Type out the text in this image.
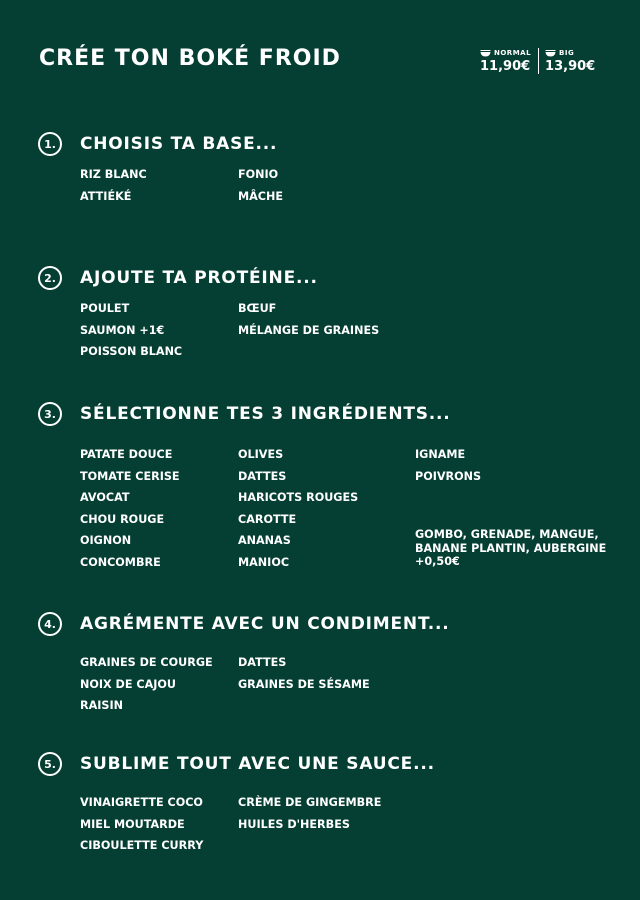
CRÉE TON BOKÉ FROID	NORMAL
11,90€
BIG
13,90€
1.	CHOISIS TA BASE...
RIZ BLANC
ATTIÉKÉ
FONIO
MÂCHE
2.	AJOUTE TA PROTÉINE...
POULET
SAUMON +1€
POISSON BLANC
BŒUF
MÉLANGE DE GRAINES
3.	SÉLECTIONNE TES 3 INGRÉDIENTS...
PATATE DOUCE
TOMATE CERISE
AVOCAT
CHOU ROUGE
OIGNON
CONCOMBRE
OLIVES
DATTES
HARICOTS ROUGES
CAROTTE
ANANAS
MANIOC
IGNAME
POIVRONS
GOMBO, GRENADE, MANGUE,
BANANE PLANTIN, AUBERGINE
+0,50€
4.	AGRÉMENTE AVEC UN CONDIMENT...
GRAINES DE COURGE
NOIX DE CAJOU
RAISIN
DATTES
GRAINES DE SÉSAME
5.	SUBLIME TOUT AVEC UNE SAUCE...
VINAIGRETTE COCO
MIEL MOUTARDE
CIBOULETTE CURRY
CRÈME DE GINGEMBRE
HUILES D'HERBES
